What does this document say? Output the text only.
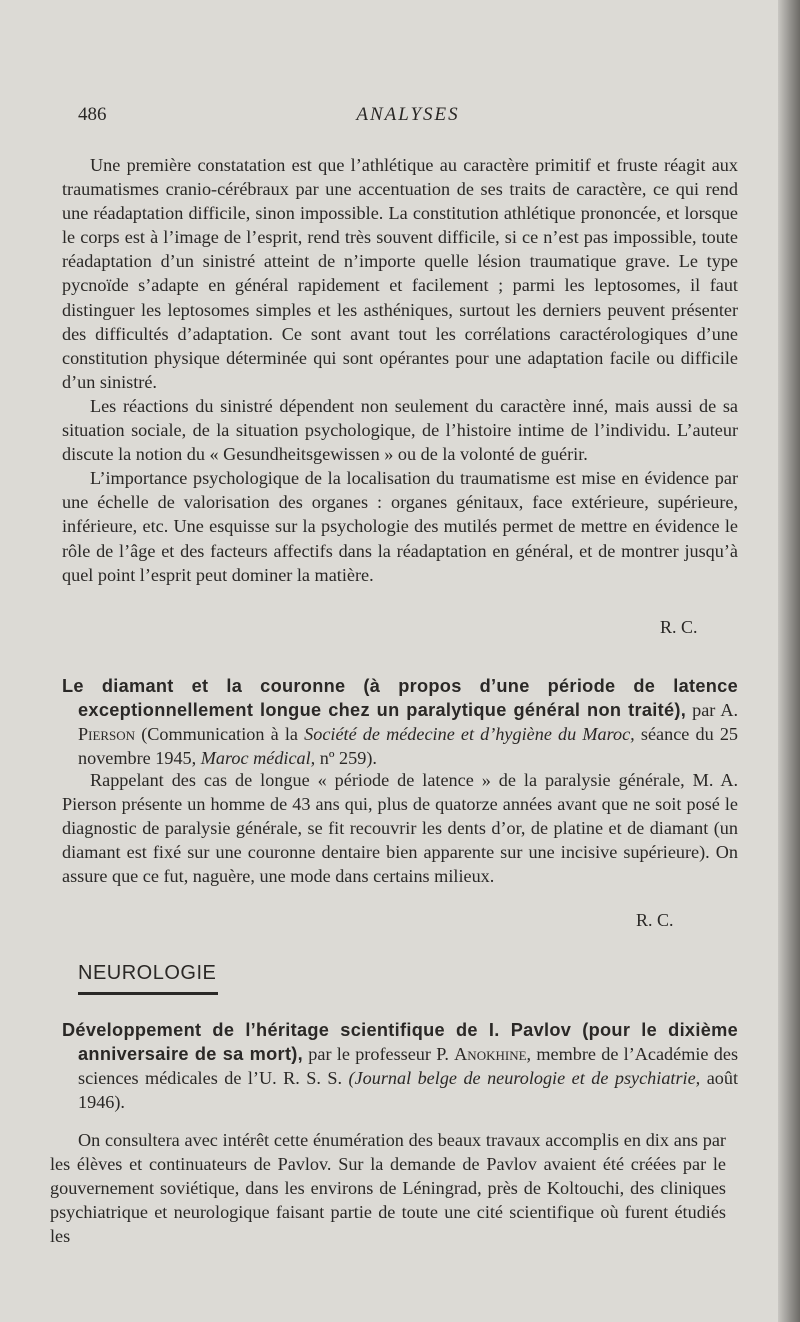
486	ANALYSES

Une première constatation est que l’athlétique au caractère primitif et fruste réagit aux traumatismes cranio-cérébraux par une accentuation de ses traits de caractère, ce qui rend une réadaptation difficile, sinon impossible. La constitution athlétique prononcée, et lorsque le corps est à l’image de l’esprit, rend très souvent difficile, si ce n’est pas impossible, toute réadaptation d’un sinistré atteint de n’importe quelle lésion traumatique grave. Le type pycnoïde s’adapte en général rapidement et facilement ; parmi les leptosomes, il faut distinguer les leptosomes simples et les asthéniques, surtout les derniers peuvent présenter des difficultés d’adaptation. Ce sont avant tout les corrélations caractérologiques d’une constitution physique déterminée qui sont opérantes pour une adaptation facile ou difficile d’un sinistré.

Les réactions du sinistré dépendent non seulement du caractère inné, mais aussi de sa situation sociale, de la situation psychologique, de l’histoire intime de l’individu. L’auteur discute la notion du « Gesundheitsgewissen » ou de la volonté de guérir.

L’importance psychologique de la localisation du traumatisme est mise en évidence par une échelle de valorisation des organes : organes génitaux, face extérieure, supérieure, inférieure, etc. Une esquisse sur la psychologie des mutilés permet de mettre en évidence le rôle de l’âge et des facteurs affectifs dans la réadaptation en général, et de montrer jusqu’à quel point l’esprit peut dominer la matière.

R. C.

Le diamant et la couronne (à propos d’une période de latence exceptionnellement longue chez un paralytique général non traité), par A. Pierson (Communication à la Société de médecine et d’hygiène du Maroc, séance du 25 novembre 1945, Maroc médical, nº 259).

Rappelant des cas de longue « période de latence » de la paralysie générale, M. A. Pierson présente un homme de 43 ans qui, plus de quatorze années avant que ne soit posé le diagnostic de paralysie générale, se fit recouvrir les dents d’or, de platine et de diamant (un diamant est fixé sur une couronne dentaire bien apparente sur une incisive supérieure). On assure que ce fut, naguère, une mode dans certains milieux.

R. C.
NEUROLOGIE

Développement de l’héritage scientifique de I. Pavlov (pour le dixième anniversaire de sa mort), par le professeur P. Anokhine, membre de l’Académie des sciences médicales de l’U. R. S. S. (Journal belge de neurologie et de psychiatrie, août 1946).

On consultera avec intérêt cette énumération des beaux travaux accomplis en dix ans par les élèves et continuateurs de Pavlov. Sur la demande de Pavlov avaient été créées par le gouvernement soviétique, dans les environs de Léningrad, près de Koltouchi, des cliniques psychiatrique et neurologique faisant partie de toute une cité scientifique où furent étudiés les
